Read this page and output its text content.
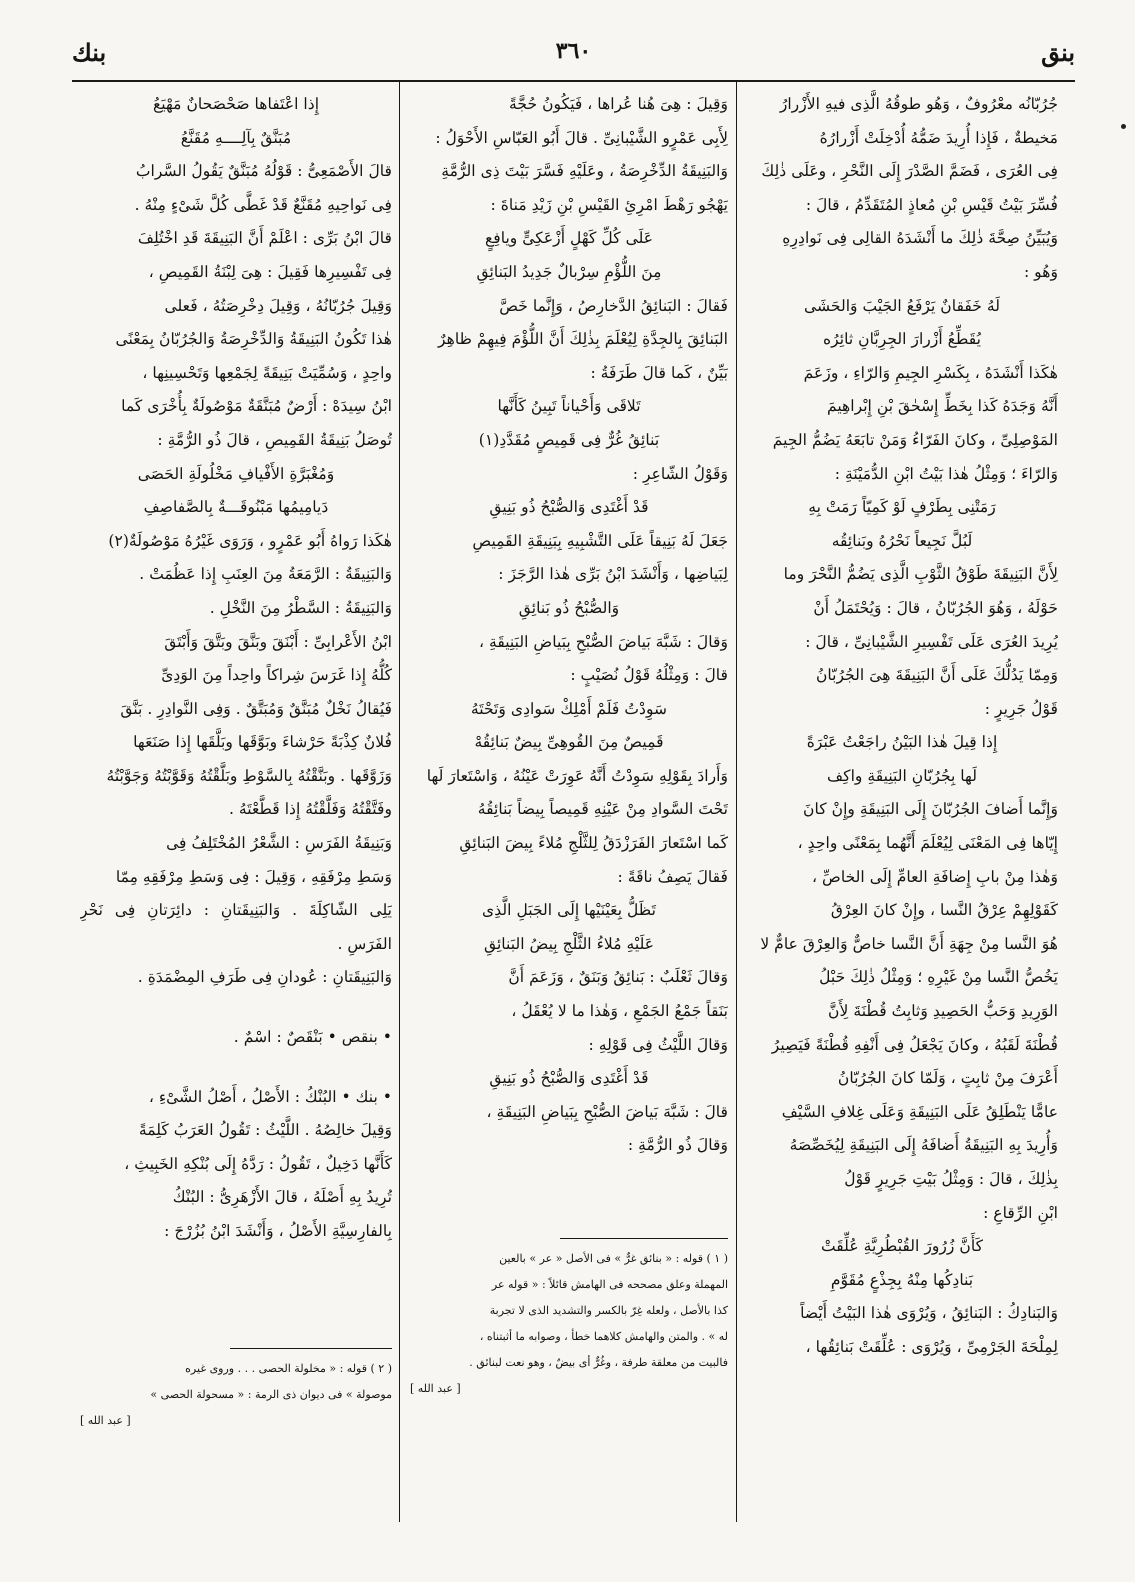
بنق
٣٦٠
بنك

جُرُبّانُه معْرُوفٌ ، وَهُو طوقُهُ الَّذِى فيهِ الأَزْرارُ

مَخيطةٌ ، فَإِذا أُرِيدَ ضَمُّهُ أُدْخِلَتْ أَزْرارُهُ

فِى العُرَى ، فَضَمَّ الصَّدْرَ إِلَى النَّحْرِ ، وعَلَى ذٰلِكَ

فُسِّرَ بَيْتُ قَيْسِ بْنِ مُعاذٍ المُتَقَدِّمُ ، قالَ :

وَيُبَيِّنُ صِحَّةَ ذٰلِكَ ما أَنْشَدَهُ القالِى فِى نَوادِرِهِ

وَهُو :

لَهُ خَفَقانٌ يَرْفَعُ الجَيْبَ وَالحَشَى

يُقَطِّعُ أَزْرارَ الجِرِبَّانِ ثائِرُه

هٰكَذا أَنْشَدَهُ ، بِكَسْرِ الجِيمِ وَالرّاءِ ، وزَعَمَ

أَنَّهُ وَجَدَهُ كَذا بِخَطِّ إِسْحٰقَ بْنِ إِبْراهِيمَ

المَوْصِلِىِّ ، وكانَ الفَرّاءُ وَمَنْ تابَعَهُ يَضُمُّ الجِيمَ

وَالرّاءَ ؛ وَمِثْلُ هٰذا بَيْتُ ابْنِ الدُّمَيْنَةِ :

رَمَتْنِى بِطَرْفٍ لَوْ كَمِيّاً رَمَتْ بِهِ

لَبُلَّ نَجِيعاً نَحْرُهُ وبَنائِقُه

لِأَنَّ البَنِيقَةَ طَوْقُ الثَّوْبِ الَّذِى يَضُمُّ النَّحْرَ وما

حَوْلَهُ ، وَهُوَ الجُرُبّانُ ، قالَ : وَيُحْتَمَلُ أَنْ

يُرِيدَ العُرَى عَلَى تَفْسِيرِ الشَّيْبانِىِّ ، قالَ :

وَمِمّا يَدُلُّكَ عَلَى أَنَّ البَنِيقَةَ هِىَ الجُرُبّانُ

قَوْلُ جَرِيرٍ :

إِذا قِيلَ هٰذا البَيْنُ راجَعْتُ عَبْرَةً

لَها بِجُرُبّانِ البَنِيقَةِ واكِف

وَإِنَّما أَضافَ الجُرُبّانَ إِلَى البَنِيقَةِ وإِنْ كانَ

إِيّاها فِى المَعْنَى لِيُعْلَمَ أَنَّهُما بِمَعْنًى واحِدٍ ،

وَهٰذا مِنْ بابِ إِضافَةِ العامِّ إِلَى الخاصِّ ،

كَقَوْلِهِمْ عِرْقُ النَّسا ، وإِنْ كانَ العِرْقُ

هُوَ النَّسا مِنْ جِهَةِ أَنَّ النَّسا خاصٌّ وَالعِرْقَ عامٌّ لا

يَخُصُّ النَّسا مِنْ غَيْرِهِ ؛ وَمِثْلُ ذٰلِكَ حَبْلُ

الوَرِيدِ وَحَبُّ الحَصِيدِ وَثابِتُ قُطْنَةَ لِأَنَّ

قُطْنَةَ لَقَبُهُ ، وكانَ يَجْعَلُ فِى أَنْفِهِ قُطْنَةً فَيَصِيرُ

أَعْرَفَ مِنْ ثابِتٍ ، وَلَمّا كانَ الجُرُبّانُ

عامًّا يَنْطَلِقُ عَلَى البَنِيقَةِ وَعَلَى غِلافِ السَّيْفِ

وَأُرِيدَ بِهِ البَنِيقَةُ أَضافَهُ إِلَى البَنِيقَةِ لِيُخَصِّصَهُ

بِذٰلِكَ ، قالَ : وَمِثْلُ بَيْتِ جَرِيرٍ قَوْلُ

ابْنِ الرِّقاعِ :

كَأَنَّ زُرُورَ القُبْطُرِيَّةِ عُلِّقَتْ

بَنادِكُها مِنْهُ بِجِذْعٍ مُقَوَّمِ

وَالبَنادِكُ : البَنائِقُ ، وَيُرْوَى هٰذا البَيْتُ أَيْضاً

لِمِلْحَةَ الجَرْمِىِّ ، وَيُرْوَى : عُلِّقَتْ بَنائِقُها ،

وَقِيلَ : هِىَ هُنا عُراها ، فَيَكُونُ حُجَّةً

لِأَبِى عَمْرٍو الشَّيْبانِىِّ . قالَ أَبُو العَبّاسِ الأَحْوَلُ :

وَالبَنِيقَةُ الدِّخْرِصَةُ ، وعَلَيْهِ فَسَّرَ بَيْتَ ذِى الرُّمَّةِ

يَهْجُو رَهْطَ امْرِئِ القَيْسِ بْنِ زَيْدِ مَناةَ :

عَلَى كُلِّ كَهْلٍ أَزْعَكِىٍّ ويافِعٍ

مِنَ اللُّؤْمِ سِرْبالٌ جَدِيدُ البَنائِقِ

فَقالَ : البَنائِقُ الدَّخارِصُ ، وَإِنَّما خَصَّ

البَنائِقَ بِالجِدَّةِ لِيُعْلَمَ بِذٰلِكَ أَنَّ اللُّؤْمَ فِيهِمْ ظاهِرٌ

بَيِّنٌ ، كَما قالَ طَرَفَةُ :

تَلاقَى وَأَحْياناً تَبِينُ كَأَنَّها

بَنائِقُ غُرٌّ فِى قَمِيصٍ مُقَدَّدِ(١)

وَقَوْلُ الشّاعِرِ :

قَدْ أَغْتَدِى وَالصُّبْحُ ذُو بَنِيقِ

جَعَلَ لَهُ بَنِيقاً عَلَى التَّشْبِيهِ بِبَنِيقَةِ القَمِيصِ

لِبَياضِها ، وَأَنْشَدَ ابْنُ بَرِّى هٰذا الرَّجَزَ :

وَالصُّبْحُ ذُو بَنائِقِ

وَقالَ : شَبَّهَ بَياضَ الصُّبْحِ بِبَياضِ البَنِيقَةِ ،

قالَ : وَمِثْلُهُ قَوْلُ نُصَيْبٍ :

سَوِدْتُ فَلَمْ أَمْلِكْ سَوادِى وَتَحْتَهُ

قَمِيصٌ مِنَ القُوهِىِّ بِيضٌ بَنائِقُهْ

وَأَرادَ بِقَوْلِهِ سَوِدْتُ أَنَّهُ عَوِرَتْ عَيْنُهُ ، وَاسْتَعارَ لَها

تَحْتَ السَّوادِ مِنْ عَيْنِهِ قَمِيصاً بِيضاً بَنائِقُهُ

كَما اسْتَعارَ الفَرَزْدَقُ لِلثَّلْجِ مُلاءً بِيضَ البَنائِقِ

فَقالَ يَصِفُ ناقَةً :

تَظَلُّ بِعَيْنَيْها إِلَى الجَبَلِ الَّذِى

عَلَيْهِ مُلاءُ الثَّلْجِ بِيضُ البَنائِقِ

وَقالَ ثَعْلَبٌ : بَنائِقُ وَبَنَقٌ ، وَزَعَمَ أَنَّ

بَنَقاً جَمْعُ الجَمْعِ ، وَهٰذا ما لا يُعْقَلُ ،

وَقالَ اللَّيْثُ فِى قَوْلِهِ :

قَدْ أَغْتَدِى وَالصُّبْحُ ذُو بَنِيقِ

قالَ : شَبَّهَ بَياضَ الصُّبْحِ بِبَياضِ البَنِيقَةِ ،

وَقالَ ذُو الرُّمَّةِ :

( ١ ) قوله : « بنائق غرٌّ » فى الأصل « عر » بالعين

المهملة وعلق مصححه فى الهامش قائلاً : « قوله عر

كذا بالأصل ، ولعله غِرّ بالكسر والتشديد الذى لا تجربة

له » . والمتن والهامش كلاهما خطأ ، وصوابه ما أثبتناه ،

فالبيت من معلقة طرفة ، وغُرٌّ أى بيضٌ ، وهو نعت لبنائق .

[ عبد الله ]

إِذا اعْتَفاها صَحْصَحانٌ مَهْيَعُ

مُبَنَّقٌ بِآلِــــهِ مُقَنَّعُ

قالَ الأَصْمَعِىُّ : قَوْلُهُ مُبَنَّقٌ يَقُولُ السَّرابُ

فِى نَواحِيهِ مُقَنَّعٌ قَدْ غَطَّى كُلَّ شَىْءٍ مِنْهُ .

قالَ ابْنُ بَرِّى : اعْلَمْ أَنَّ البَنِيقَةَ قَدِ اخْتُلِفَ

فِى تَفْسِيرِها فَقِيلَ : هِىَ لِبْنَةُ القَمِيصِ ،

وَقِيلَ جُرُبّانُهُ ، وَقِيلَ دِخْرِصَتُهُ ، فَعلى

هٰذا تَكُونُ البَنِيقَةُ وَالدِّخْرِصَةُ وَالجُرُبّانُ بِمَعْنًى

واحِدٍ ، وَسُمِّيَتْ بَنِيقَةً لِجَمْعِها وَتَحْسِينِها ،

ابْنُ سِيدَهْ : أَرْضٌ مُبَنَّقَةٌ مَوْصُولَةٌ بِأُخْرَى كَما

تُوصَلُ بَنِيقَةُ القَمِيصِ ، قالَ ذُو الرُّمَّةِ :

وَمُغْبَرَّةِ الأَفْيافِ مَخْلُولَةِ الحَصَى

دَيامِيمُها مَبْنُوقَـــةٌ بِالصَّفاصِفِ

هٰكَذا رَواهُ أَبُو عَمْرٍو ، وَرَوَى غَيْرُهُ مَوْصُولَةٌ(٢)

وَالبَنِيقَةُ : الرَّمَعَةُ مِنَ العِنَبِ إِذا عَظُمَتْ .

وَالبَنِيقَةُ : السَّطْرُ مِنَ النَّخْلِ .

ابْنُ الأَعْرابِىِّ : أَبْنَقَ وبَنَّقَ وبَتَّقَ وَأَبْتَقَ

كُلُّهُ إِذا غَرَسَ شِراكاً واحِداً مِنَ الوَدِىِّ

فَيُقالُ نَخْلٌ مُبَنَّقٌ وَمُبَتَّقٌ . وَفِى النَّوادِرِ . بَنَّقَ

فُلانٌ كِذْبَةً حَرْشاءَ وبَوَّقَها وبَلَّقَها إِذا صَنَعَها

وَزَوَّقَها . وبَنَّقْتُهُ بِالسَّوْطِ وبَلَّقْتُهُ وَقَوَّبْتُهُ وَجَوَّبْتُهُ

وفَتَّقْتُهُ وَفَلَّقْتُهُ إِذا قَطَّعْتَهُ .

وَبَنِيقَةُ الفَرَسِ : الشَّعْرُ المُخْتَلِفُ فِى

وَسَطِ مِرْفَقِهِ ، وَقِيلَ : فِى وَسَطِ مِرْفَقِهِ مِمّا

يَلِى الشّاكِلَةَ . وَالبَنِيقَتانِ : دائِرَتانِ فِى نَحْرِ الفَرَسِ .

وَالبَنِيقَتانِ : عُودانِ فِى طَرَفِ المِضْمَدَةِ .

• بنقص • بَنْقَصٌ : اسْمٌ .

• بنك • البُنْكُ : الأَصْلُ ، أَصْلُ الشَّىْءِ ،

وَقِيلَ خالِصُهُ . اللَّيْثُ : تَقُولُ العَرَبُ كَلِمَةً

كَأَنَّها دَخِيلٌ ، تَقُولُ : رَدَّهُ إِلَى بُنْكِهِ الخَبِيثِ ،

تُرِيدُ بِهِ أَصْلَهُ ، قالَ الأَزْهَرِىُّ : البُنْكُ

بِالفارِسِيَّةِ الأَصْلُ ، وَأَنْشَدَ ابْنُ بُزُرْجَ :

( ٢ ) قوله : « مخلولة الحصى . . . وروى غيره

موصولة » فى ديوان ذى الرمة : « مسحولة الحصى »

[ عبد الله ]
